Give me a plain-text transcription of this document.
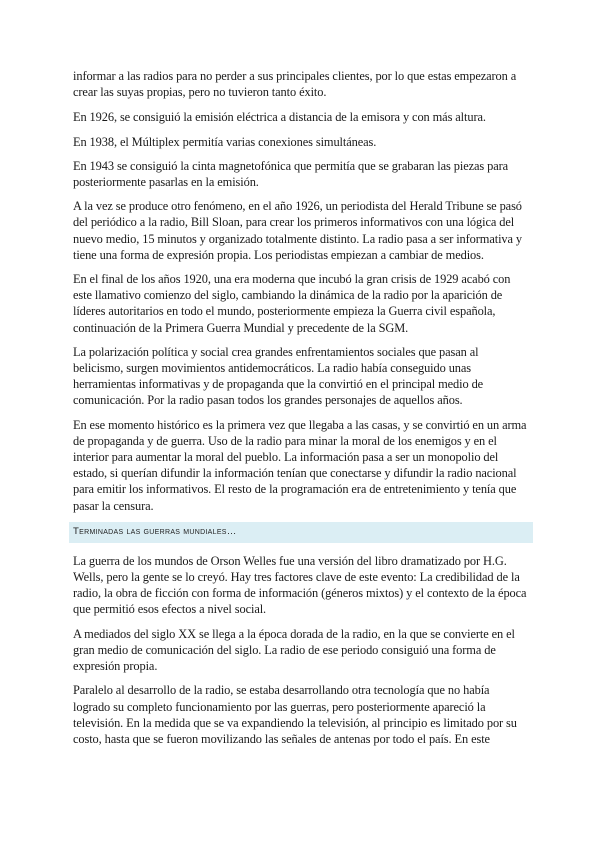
informar a las radios para no perder a sus principales clientes, por lo que estas empezaron a crear las suyas propias, pero no tuvieron tanto éxito.

En 1926, se consiguió la emisión eléctrica a distancia de la emisora y con más altura.

En 1938, el Múltiplex permitía varias conexiones simultáneas.

En 1943 se consiguió la cinta magnetofónica que permitía que se grabaran las piezas para posteriormente pasarlas en la emisión.

A la vez se produce otro fenómeno, en el año 1926, un periodista del Herald Tribune se pasó del periódico a la radio, Bill Sloan, para crear los primeros informativos con una lógica del nuevo medio, 15 minutos y organizado totalmente distinto. La radio pasa a ser informativa y tiene una forma de expresión propia. Los periodistas empiezan a cambiar de medios.

En el final de los años 1920, una era moderna que incubó la gran crisis de 1929 acabó con este llamativo comienzo del siglo, cambiando la dinámica de la radio por la aparición de líderes autoritarios en todo el mundo, posteriormente empieza la Guerra civil española, continuación de la Primera Guerra Mundial y precedente de la SGM.

La polarización política y social crea grandes enfrentamientos sociales que pasan al belicismo, surgen movimientos antidemocráticos. La radio había conseguido unas herramientas informativas y de propaganda que la convirtió en el principal medio de comunicación. Por la radio pasan todos los grandes personajes de aquellos años.

En ese momento histórico es la primera vez que llegaba a las casas, y se convirtió en un arma de propaganda y de guerra. Uso de la radio para minar la moral de los enemigos y en el interior para aumentar la moral del pueblo. La información pasa a ser un monopolio del estado, si querían difundir la información tenían que conectarse y difundir la radio nacional para emitir los informativos. El resto de la programación era de entretenimiento y tenía que pasar la censura.

Terminadas las guerras mundiales…

La guerra de los mundos de Orson Welles fue una versión del libro dramatizado por H.G. Wells, pero la gente se lo creyó. Hay tres factores clave de este evento: La credibilidad de la radio, la obra de ficción con forma de información (géneros mixtos) y el contexto de la época que permitió esos efectos a nivel social.

A mediados del siglo XX se llega a la época dorada de la radio, en la que se convierte en el gran medio de comunicación del siglo. La radio de ese periodo consiguió una forma de expresión propia.

Paralelo al desarrollo de la radio, se estaba desarrollando otra tecnología que no había logrado su completo funcionamiento por las guerras, pero posteriormente apareció la televisión. En la medida que se va expandiendo la televisión, al principio es limitado por su costo, hasta que se fueron movilizando las señales de antenas por todo el país. En este
